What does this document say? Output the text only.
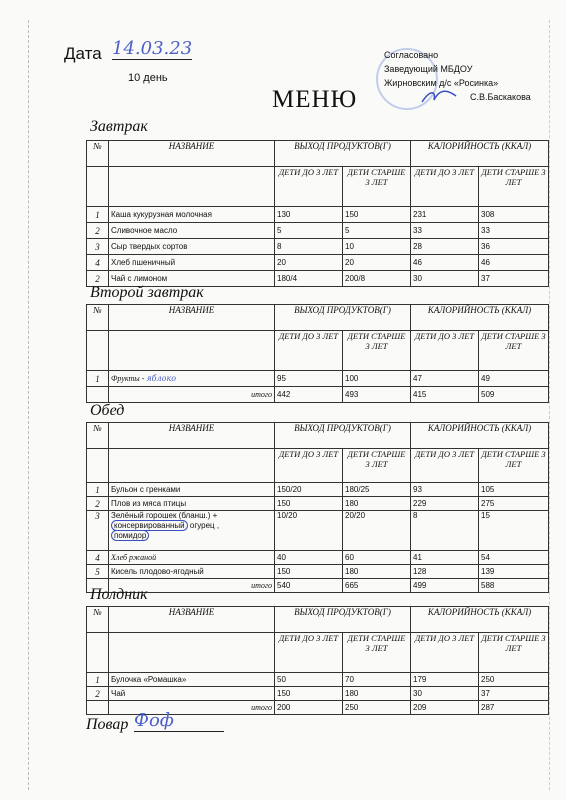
Дата 14.03.23
10 день
МЕНЮ
Согласовано
Заведующий МБДОУ
Жирновским д/с «Росинка»
С.В.Баскакова
Завтрак
№	НАЗВАНИЕ	ВЫХОД ПРОДУКТОВ(Г)		КАЛОРИЙНОСТЬ (ККАЛ)	
		ДЕТИ ДО 3 ЛЕТ	ДЕТИ СТАРШЕ 3 ЛЕТ	ДЕТИ ДО 3 ЛЕТ	ДЕТИ СТАРШЕ 3 ЛЕТ
1	Каша кукурузная молочная	130	150	231	308
2	Сливочное масло	5	5	33	33
3	Сыр твердых сортов	8	10	28	36
4	Хлеб пшеничный	20	20	46	46
2	Чай с лимоном	180/4	200/8	30	37
Второй завтрак
№	НАЗВАНИЕ	ВЫХОД ПРОДУКТОВ(Г)		КАЛОРИЙНОСТЬ (ККАЛ)	
		ДЕТИ ДО 3 ЛЕТ	ДЕТИ СТАРШЕ 3 ЛЕТ	ДЕТИ ДО 3 ЛЕТ	ДЕТИ СТАРШЕ 3 ЛЕТ
1	Фрукты - яблоко	95	100	47	49
	итого	442	493	415	509
Обед
№	НАЗВАНИЕ	ВЫХОД ПРОДУКТОВ(Г)		КАЛОРИЙНОСТЬ (ККАЛ)	
		ДЕТИ ДО 3 ЛЕТ	ДЕТИ СТАРШЕ 3 ЛЕТ	ДЕТИ ДО 3 ЛЕТ	ДЕТИ СТАРШЕ 3 ЛЕТ
1	Бульон с гренками	150/20	180/25	93	105
2	Плов из мяса птицы	150	180	229	275
3	Зелёный горошек (бланш.) +
консервированный огурец ,
помидор	10/20	20/20	8	15
4	Хлеб ржаной	40	60	41	54
5	Кисель плодово-ягодный	150	180	128	139
	итого	540	665	499	588
Полдник
№	НАЗВАНИЕ	ВЫХОД ПРОДУКТОВ(Г)		КАЛОРИЙНОСТЬ (ККАЛ)	
		ДЕТИ ДО 3 ЛЕТ	ДЕТИ СТАРШЕ 3 ЛЕТ	ДЕТИ ДО 3 ЛЕТ	ДЕТИ СТАРШЕ 3 ЛЕТ
1	Булочка «Ромашка»	50	70	179	250
2	Чай	150	180	30	37
	итого	200	250	209	287
Повар Фоф
